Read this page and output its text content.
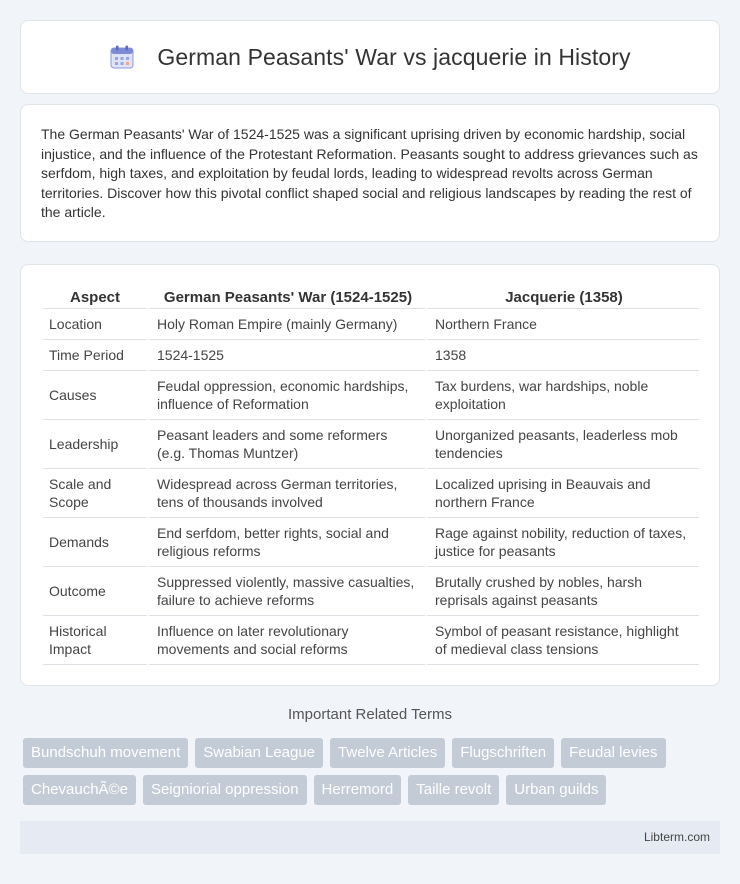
German Peasants' War vs jacquerie in History

The German Peasants' War of 1524-1525 was a significant uprising driven by economic hardship, social injustice, and the influence of the Protestant Reformation. Peasants sought to address grievances such as serfdom, high taxes, and exploitation by feudal lords, leading to widespread revolts across German territories. Discover how this pivotal conflict shaped social and religious landscapes by reading the rest of the article.

Aspect	German Peasants' War (1524-1525)	Jacquerie (1358)
Location	Holy Roman Empire (mainly Germany)	Northern France
Time Period	1524-1525	1358
Causes	Feudal oppression, economic hardships, influence of Reformation	Tax burdens, war hardships, noble exploitation
Leadership	Peasant leaders and some reformers (e.g. Thomas Muntzer)	Unorganized peasants, leaderless mob tendencies
Scale and Scope	Widespread across German territories, tens of thousands involved	Localized uprising in Beauvais and northern France
Demands	End serfdom, better rights, social and religious reforms	Rage against nobility, reduction of taxes, justice for peasants
Outcome	Suppressed violently, massive casualties, failure to achieve reforms	Brutally crushed by nobles, harsh reprisals against peasants
Historical Impact	Influence on later revolutionary movements and social reforms	Symbol of peasant resistance, highlight of medieval class tensions
Important Related Terms
Bundschuh movement	Swabian League	Twelve Articles	Flugschriften	Feudal levies
ChevauchÃ©e	Seigniorial oppression	Herremord	Taille revolt	Urban guilds
Libterm.com
